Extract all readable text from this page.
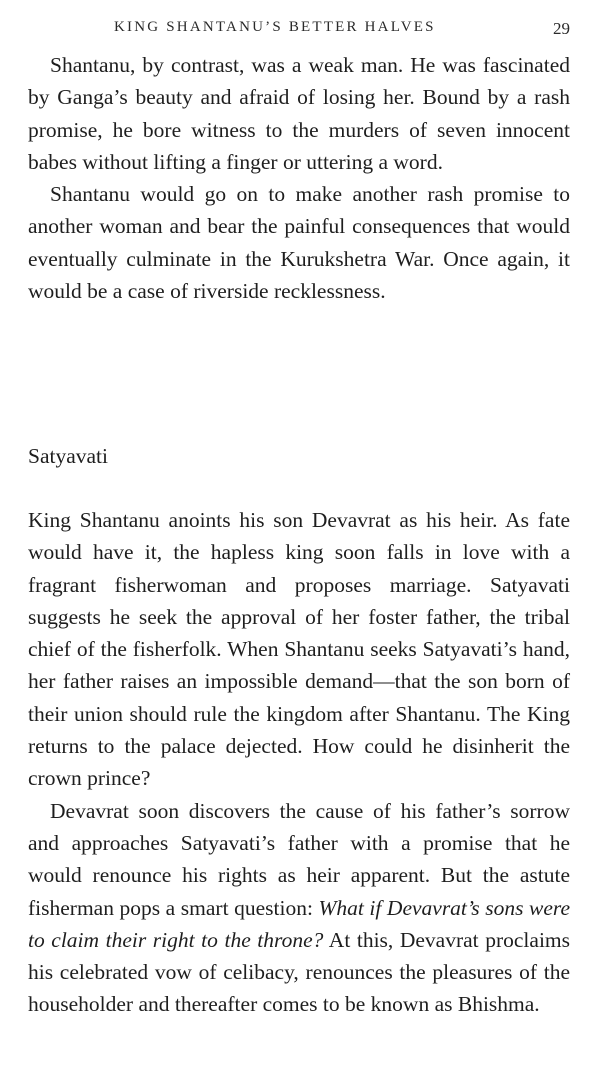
KING SHANTANU’S BETTER HALVES	29

Shantanu, by contrast, was a weak man. He was fascinated by Ganga’s beauty and afraid of losing her. Bound by a rash promise, he bore witness to the murders of seven innocent babes without lifting a finger or uttering a word.

Shantanu would go on to make another rash promise to another woman and bear the painful consequences that would eventually culminate in the Kurukshetra War. Once again, it would be a case of riverside recklessness.

Satyavati

King Shantanu anoints his son Devavrat as his heir. As fate would have it, the hapless king soon falls in love with a fragrant fisherwoman and proposes marriage. Satyavati suggests he seek the approval of her foster father, the tribal chief of the fisherfolk. When Shantanu seeks Satyavati’s hand, her father raises an impossible demand—that the son born of their union should rule the kingdom after Shantanu. The King returns to the palace dejected. How could he disinherit the crown prince?

Devavrat soon discovers the cause of his father’s sorrow and approaches Satyavati’s father with a promise that he would renounce his rights as heir apparent. But the astute fisherman pops a smart question: What if Devavrat’s sons were to claim their right to the throne? At this, Devavrat proclaims his celebrated vow of celibacy, renounces the pleasures of the householder and thereafter comes to be known as Bhishma.
